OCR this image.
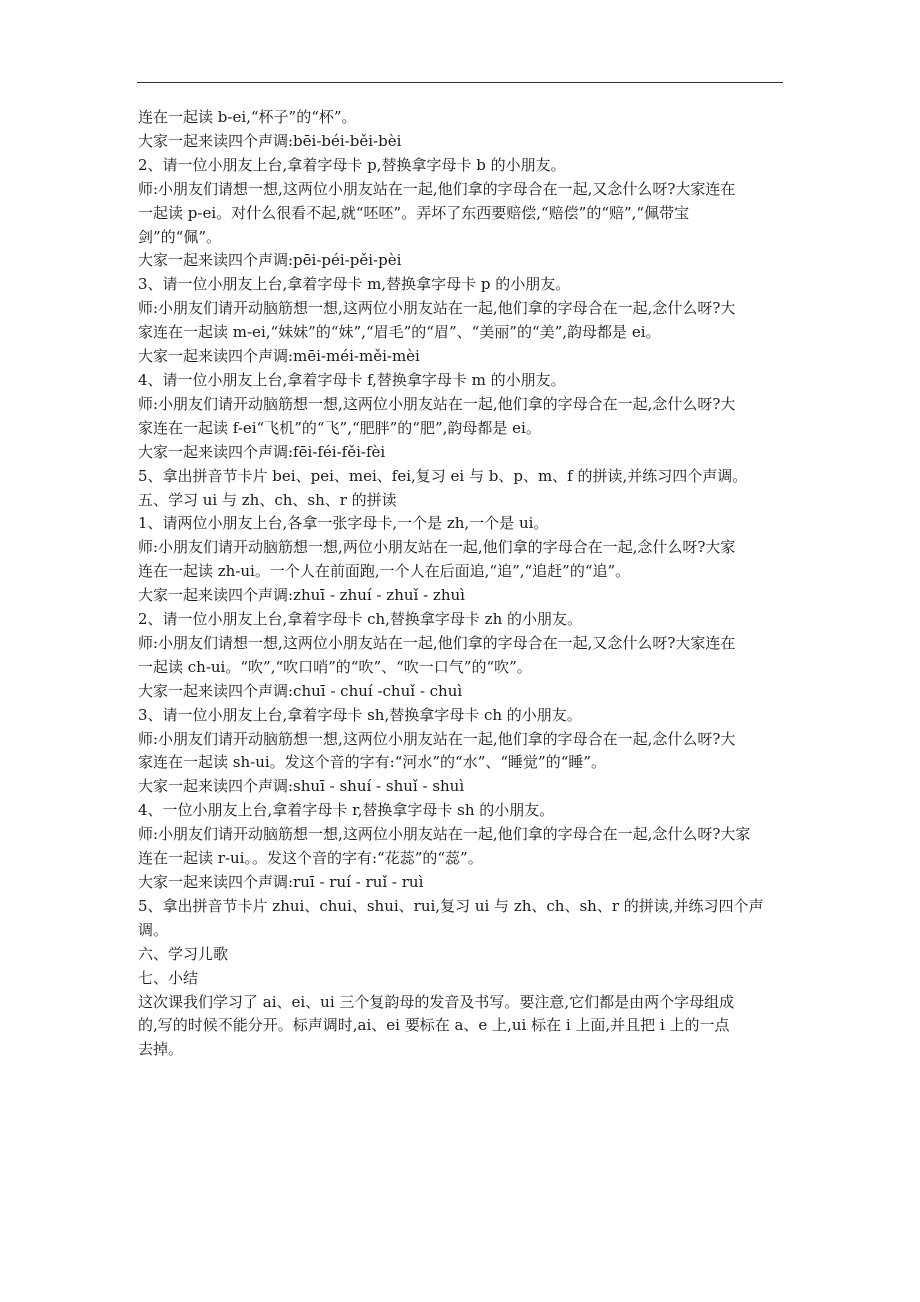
连在一起读 b-ei,“杯子”的“杯”。
大家一起来读四个声调:bēi-béi-běi-bèi
2、请一位小朋友上台,拿着字母卡 p,替换拿字母卡 b 的小朋友。
师:小朋友们请想一想,这两位小朋友站在一起,他们拿的字母合在一起,又念什么呀?大家连在
一起读 p-ei。对什么很看不起,就“呸呸”。弄坏了东西要赔偿,“赔偿”的“赔”,“佩带宝
剑”的“佩”。
大家一起来读四个声调:pēi-péi-pěi-pèi
3、请一位小朋友上台,拿着字母卡 m,替换拿字母卡 p 的小朋友。
师:小朋友们请开动脑筋想一想,这两位小朋友站在一起,他们拿的字母合在一起,念什么呀?大
家连在一起读 m-ei,“妹妹”的“妹”,“眉毛”的“眉”、“美丽”的“美”,韵母都是 ei。
大家一起来读四个声调:mēi-méi-měi-mèi
4、请一位小朋友上台,拿着字母卡 f,替换拿字母卡 m 的小朋友。
师:小朋友们请开动脑筋想一想,这两位小朋友站在一起,他们拿的字母合在一起,念什么呀?大
家连在一起读 f-ei“飞机”的“飞”,“肥胖”的“肥”,韵母都是 ei。
大家一起来读四个声调:fēi-féi-fěi-fèi
5、拿出拼音节卡片 bei、pei、mei、fei,复习 ei 与 b、p、m、f 的拼读,并练习四个声调。
五、学习 ui 与 zh、ch、sh、r 的拼读
1、请两位小朋友上台,各拿一张字母卡,一个是 zh,一个是 ui。
师:小朋友们请开动脑筋想一想,两位小朋友站在一起,他们拿的字母合在一起,念什么呀?大家
连在一起读 zh-ui。一个人在前面跑,一个人在后面追,“追”,“追赶”的“追”。
大家一起来读四个声调:zhuī - zhuí - zhuǐ - zhuì
2、请一位小朋友上台,拿着字母卡 ch,替换拿字母卡 zh 的小朋友。
师:小朋友们请想一想,这两位小朋友站在一起,他们拿的字母合在一起,又念什么呀?大家连在
一起读 ch-ui。“吹”,“吹口哨”的“吹”、“吹一口气”的“吹”。
大家一起来读四个声调:chuī - chuí -chuǐ - chuì
3、请一位小朋友上台,拿着字母卡 sh,替换拿字母卡 ch 的小朋友。
师:小朋友们请开动脑筋想一想,这两位小朋友站在一起,他们拿的字母合在一起,念什么呀?大
家连在一起读 sh-ui。发这个音的字有:“河水”的“水”、“睡觉”的“睡”。
大家一起来读四个声调:shuī - shuí - shuǐ - shuì
4、一位小朋友上台,拿着字母卡 r,替换拿字母卡 sh 的小朋友。
师:小朋友们请开动脑筋想一想,这两位小朋友站在一起,他们拿的字母合在一起,念什么呀?大家
连在一起读 r-ui。。发这个音的字有:“花蕊”的“蕊”。
大家一起来读四个声调:ruī - ruí - ruǐ - ruì
5、拿出拼音节卡片 zhui、chui、shui、rui,复习 ui 与 zh、ch、sh、r 的拼读,并练习四个声
调。
六、学习儿歌
七、小结
这次课我们学习了 ai、ei、ui 三个复韵母的发音及书写。要注意,它们都是由两个字母组成
的,写的时候不能分开。标声调时,ai、ei 要标在 a、e 上,ui 标在 i 上面,并且把 i 上的一点
去掉。
